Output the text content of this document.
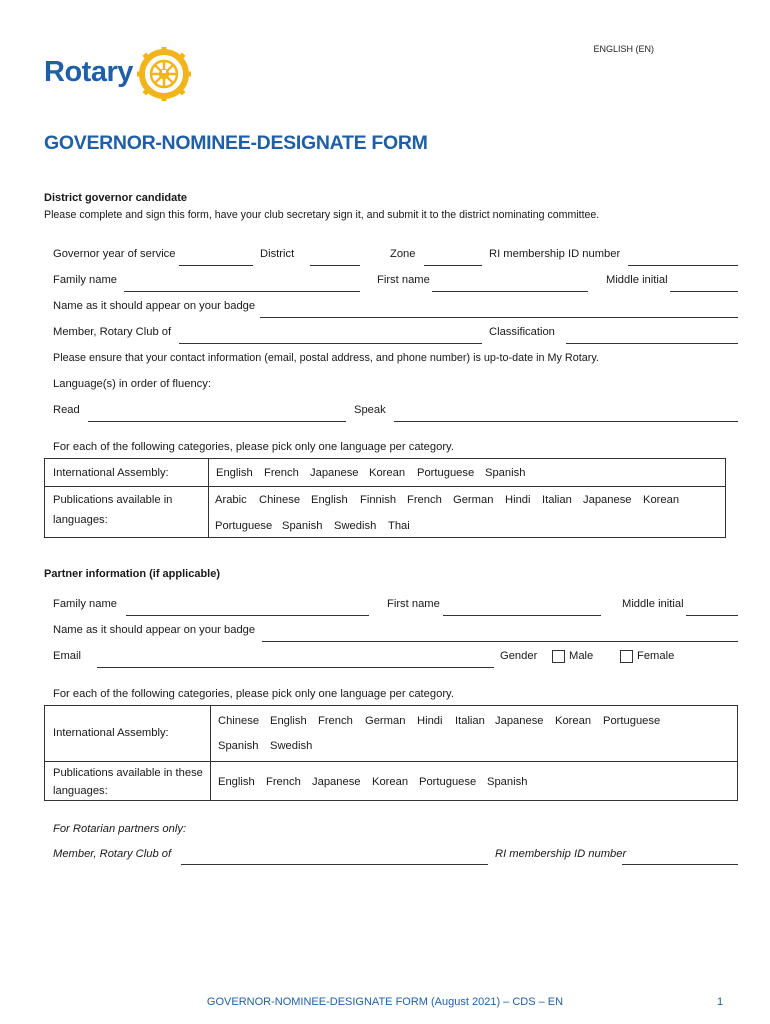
ENGLISH (EN)
Rotary
GOVERNOR-NOMINEE-DESIGNATE FORM
District governor candidate
Please complete and sign this form, have your club secretary sign it, and submit it to the district nominating committee.
Governor year of service	District	Zone	RI membership ID number
Family name	First name	Middle initial
Name as it should appear on your badge
Member, Rotary Club of	Classification
Please ensure that your contact information (email, postal address, and phone number) is up-to-date in My Rotary.
Language(s) in order of fluency:
Read	Speak
For each of the following categories, please pick only one language per category.
International Assembly:	English French Japanese Korean Portuguese Spanish
Publications available in
languages:
Arabic Chinese English Finnish French German Hindi Italian Japanese Korean
Portuguese Spanish Swedish Thai
Partner information (if applicable)
Family name	First name	Middle initial
Name as it should appear on your badge
Email	Gender	Male	Female
For each of the following categories, please pick only one language per category.
International Assembly:
Chinese English French German Hindi Italian Japanese Korean Portuguese
Spanish Swedish
Publications available in these
languages:
English French Japanese Korean Portuguese Spanish
For Rotarian partners only:
Member, Rotary Club of	RI membership ID number
GOVERNOR-NOMINEE-DESIGNATE FORM (August 2021) – CDS – EN	1
